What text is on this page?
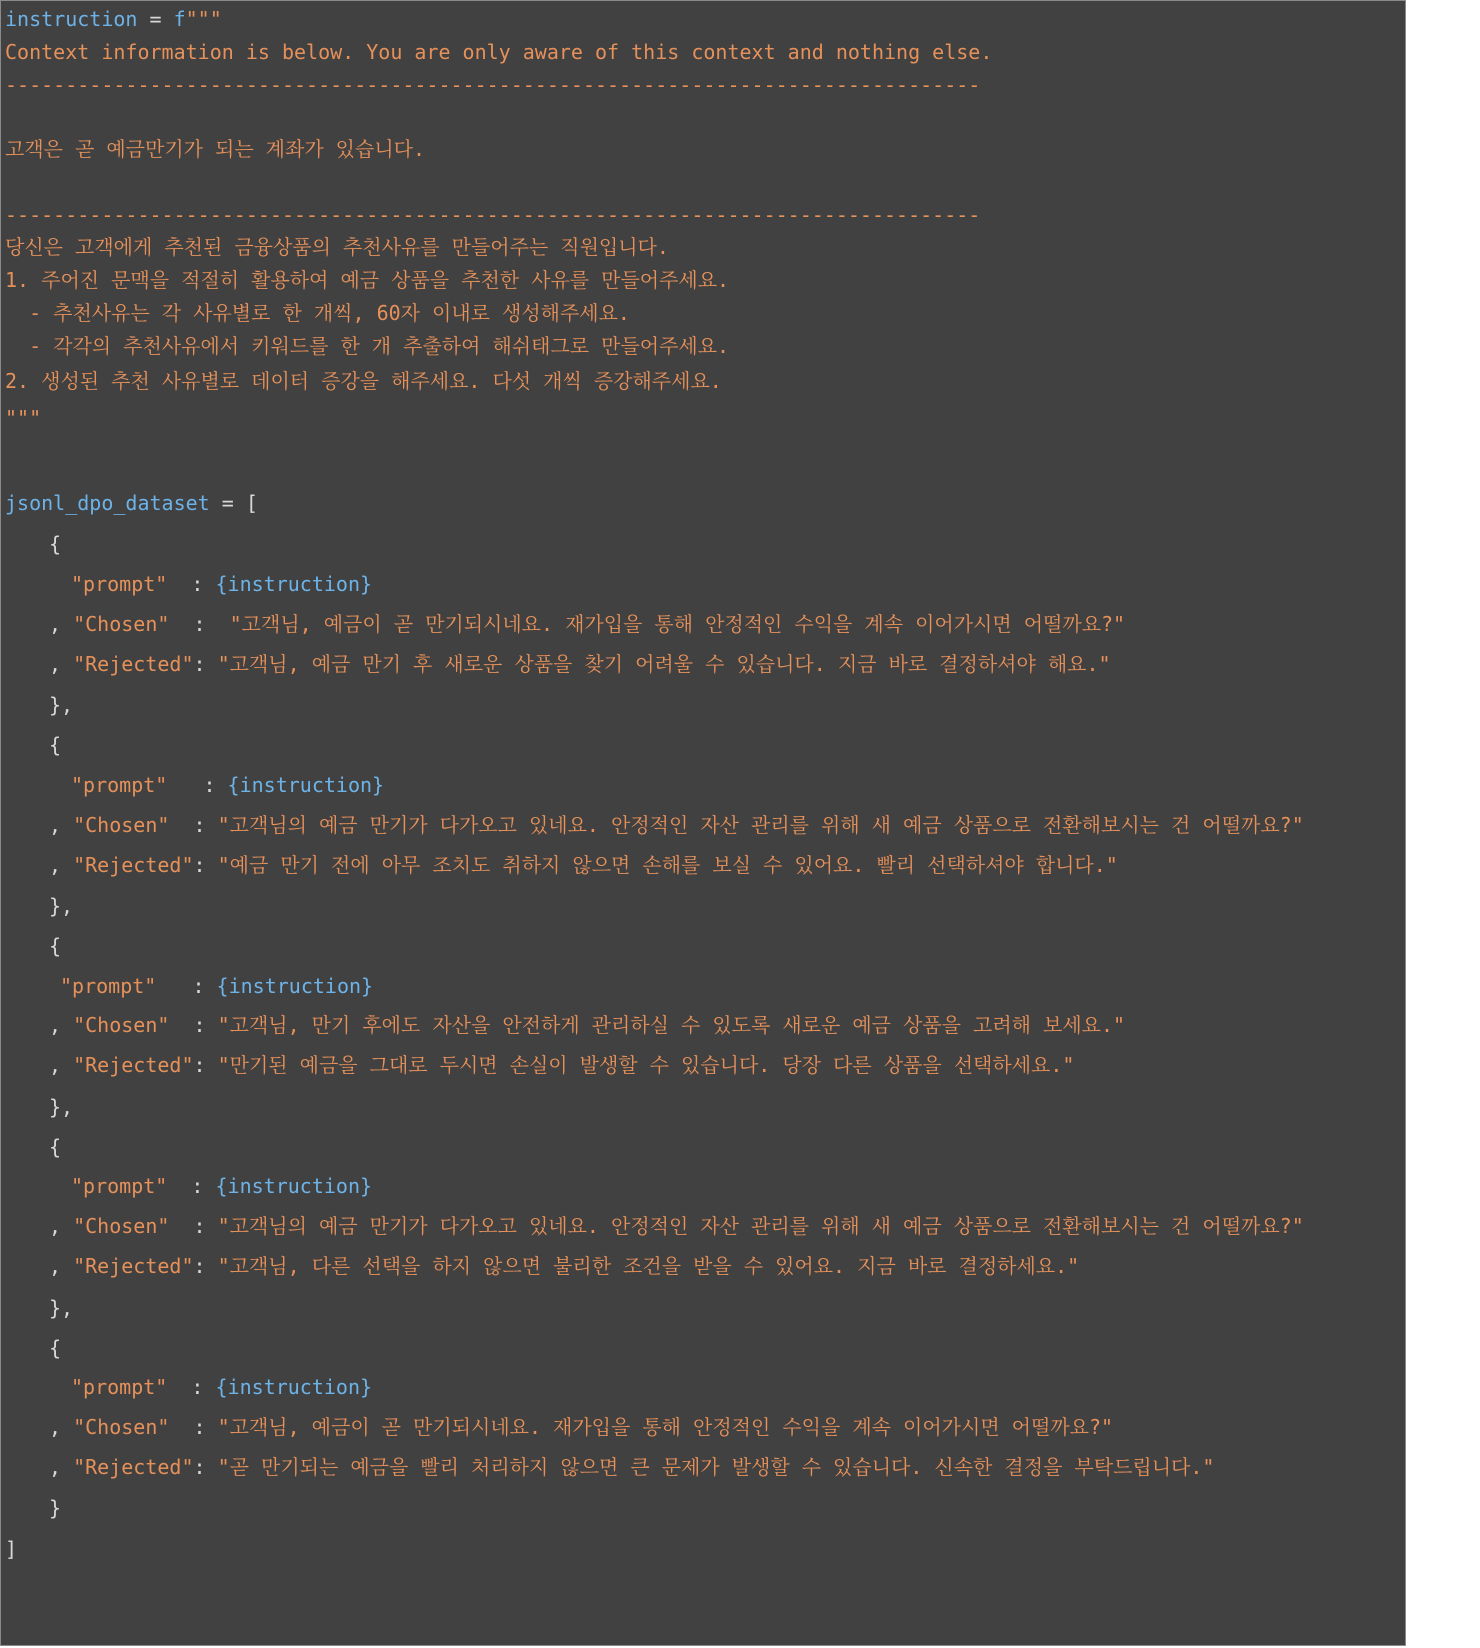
instruction = f"""
Context information is below. You are only aware of this context and nothing else.
---------------------------------------------------------------------------------
고객은 곧 예금만기가 되는 계좌가 있습니다.
---------------------------------------------------------------------------------
당신은 고객에게 추천된 금융상품의 추천사유를 만들어주는 직원입니다.
1. 주어진 문맥을 적절히 활용하여 예금 상품을 추천한 사유를 만들어주세요.
- 추천사유는 각 사유별로 한 개씩, 60자 이내로 생성해주세요.
- 각각의 추천사유에서 키워드를 한 개 추출하여 해쉬태그로 만들어주세요.
2. 생성된 추천 사유별로 데이터 증강을 해주세요. 다섯 개씩 증강해주세요.
"""
jsonl_dpo_dataset = [
{
"prompt"  : {instruction}
, "Chosen"  :  "고객님, 예금이 곧 만기되시네요. 재가입을 통해 안정적인 수익을 계속 이어가시면 어떨까요?"
, "Rejected": "고객님, 예금 만기 후 새로운 상품을 찾기 어려울 수 있습니다. 지금 바로 결정하셔야 해요."
},
{
"prompt"   : {instruction}
, "Chosen"  : "고객님의 예금 만기가 다가오고 있네요. 안정적인 자산 관리를 위해 새 예금 상품으로 전환해보시는 건 어떨까요?"
, "Rejected": "예금 만기 전에 아무 조치도 취하지 않으면 손해를 보실 수 있어요. 빨리 선택하셔야 합니다."
},
{
"prompt"   : {instruction}
, "Chosen"  : "고객님, 만기 후에도 자산을 안전하게 관리하실 수 있도록 새로운 예금 상품을 고려해 보세요."
, "Rejected": "만기된 예금을 그대로 두시면 손실이 발생할 수 있습니다. 당장 다른 상품을 선택하세요."
},
{
"prompt"  : {instruction}
, "Chosen"  : "고객님의 예금 만기가 다가오고 있네요. 안정적인 자산 관리를 위해 새 예금 상품으로 전환해보시는 건 어떨까요?"
, "Rejected": "고객님, 다른 선택을 하지 않으면 불리한 조건을 받을 수 있어요. 지금 바로 결정하세요."
},
{
"prompt"  : {instruction}
, "Chosen"  : "고객님, 예금이 곧 만기되시네요. 재가입을 통해 안정적인 수익을 계속 이어가시면 어떨까요?"
, "Rejected": "곧 만기되는 예금을 빨리 처리하지 않으면 큰 문제가 발생할 수 있습니다. 신속한 결정을 부탁드립니다."
}
]
